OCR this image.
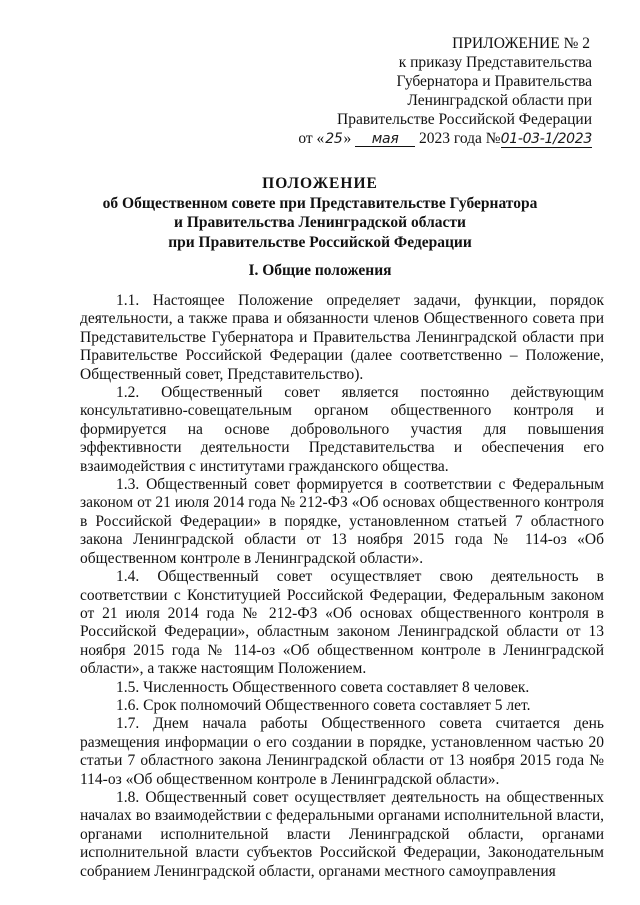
ПРИЛОЖЕНИЕ № 2
к приказу Представительства
Губернатора и Правительства
Ленинградской области при
Правительстве Российской Федерации
от «25» мая 2023 года №01-03-1/2023
ПОЛОЖЕНИЕ
об Общественном совете при Представительстве Губернатора
и Правительства Ленинградской области
при Правительстве Российской Федерации
I. Общие положения

1.1. Настоящее Положение определяет задачи, функции, порядок деятельности, а также права и обязанности членов Общественного совета при Представительстве Губернатора и Правительства Ленинградской области при Правительстве Российской Федерации (далее соответственно – Положение, Общественный совет, Представительство).

1.2. Общественный совет является постоянно действующим консультативно-совещательным органом общественного контроля и формируется на основе добровольного участия для повышения эффективности деятельности Представительства и обеспечения его взаимодействия с институтами гражданского общества.

1.3. Общественный совет формируется в соответствии с Федеральным законом от 21 июля 2014 года № 212-ФЗ «Об основах общественного контроля в Российской Федерации» в порядке, установленном статьей 7 областного закона Ленинградской области от 13 ноября 2015 года № 114-оз «Об общественном контроле в Ленинградской области».

1.4. Общественный совет осуществляет свою деятельность в соответствии с Конституцией Российской Федерации, Федеральным законом от 21 июля 2014 года № 212-ФЗ «Об основах общественного контроля в Российской Федерации», областным законом Ленинградской области от 13 ноября 2015 года № 114-оз «Об общественном контроле в Ленинградской области», а также настоящим Положением.

1.5. Численность Общественного совета составляет 8 человек.

1.6. Срок полномочий Общественного совета составляет 5 лет.

1.7. Днем начала работы Общественного совета считается день размещения информации о его создании в порядке, установленном частью 20 статьи 7 областного закона Ленинградской области от 13 ноября 2015 года № 114-оз «Об общественном контроле в Ленинградской области».

1.8. Общественный совет осуществляет деятельность на общественных началах во взаимодействии с федеральными органами исполнительной власти, органами исполнительной власти Ленинградской области, органами исполнительной власти субъектов Российской Федерации, Законодательным собранием Ленинградской области, органами местного самоуправления
